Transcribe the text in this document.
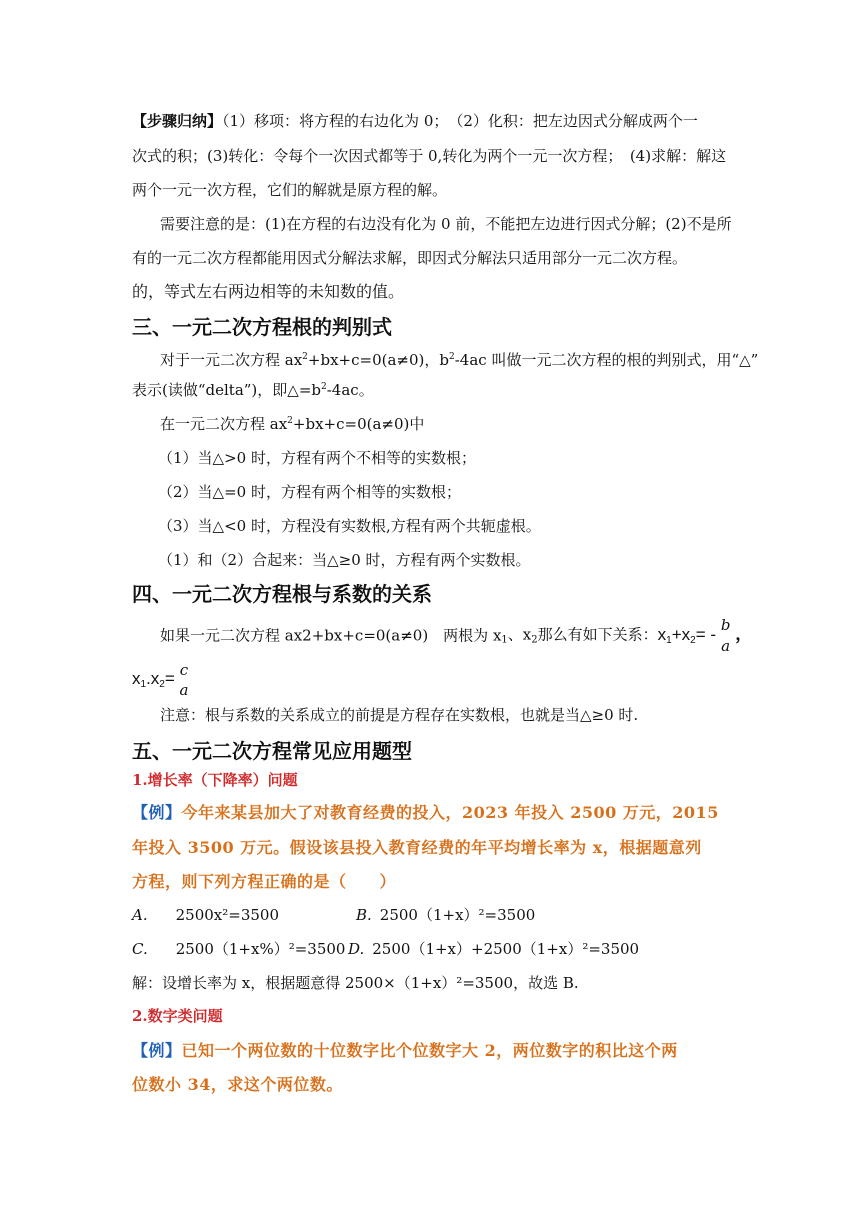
【步骤归纳】（1）移项：将方程的右边化为 0；　（2）化积：把左边因式分解成两个一
次式的积；(3)转化：令每个一次因式都等于 0,转化为两个一元一次方程；　(4)求解：解这
两个一元一次方程，它们的解就是原方程的解。
需要注意的是：(1)在方程的右边没有化为 0 前，不能把左边进行因式分解；(2)不是所
有的一元二次方程都能用因式分解法求解，即因式分解法只适用部分一元二次方程。
的，等式左右两边相等的未知数的值。
三、一元二次方程根的判别式
对于一元二次方程 $ax^2+bx+c=0(a\ne 0)$，$b^2-4ac$ 叫做一元二次方程的根的判别式，用“△”
表示(读做“delta”)，即$\triangle=b^2-4ac$。
在一元二次方程 $ax^2+bx+c=0(a\ne 0)$中
（1）当△>0 时，方程有两个不相等的实数根；
（2）当△=0 时，方程有两个相等的实数根；
（3）当△<0 时，方程没有实数根,方程有两个共轭虚根。
（1）和（2）合起来：当△≥0 时，方程有两个实数根。
四、一元二次方程根与系数的关系
如果一元二次方程 ax2+bx+c=0(a≠0)　两根为 $x_1$、$x_2$那么有如下关系：$x_1+x_2= - b$
a
，
$x_1.x_2= c$
a
注意：根与系数的关系成立的前提是方程存在实数根，也就是当△≥0 时.
五、一元二次方程常见应用题型
1.增长率（下降率）问题
【例】今年来某县加大了对教育经费的投入，2023 年投入 2500 万元，2015
年投入 3500 万元。假设该县投入教育经费的年平均增长率为 x，根据题意列
方程，则下列方程正确的是（　　）
A. 2500x²=3500	B. 2500（1+x）²=3500
C. 2500（1+x%）²=3500 D. 2500（1+x）+2500（1+x）²=3500
解：设增长率为 x，根据题意得 2500×（1+x）²=3500，故选 B.
2.数字类问题
【例】已知一个两位数的十位数字比个位数字大 2，两位数字的积比这个两
位数小 34，求这个两位数。
